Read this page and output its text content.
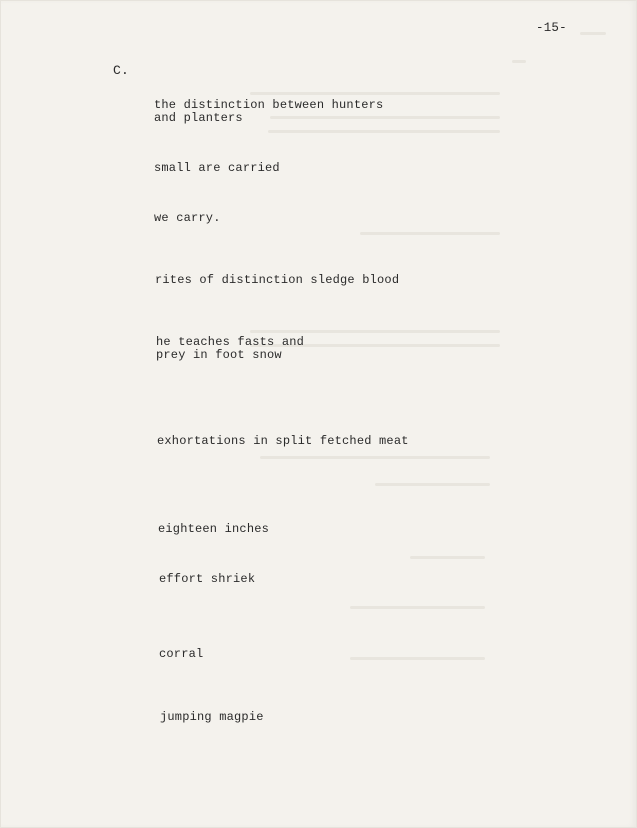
-15-
C.
the distinction between hunters
and planters
small are carried
we carry.
rites of distinction sledge blood
he teaches fasts and
prey in foot snow
exhortations in split fetched meat
eighteen inches
effort shriek
corral
jumping magpie
